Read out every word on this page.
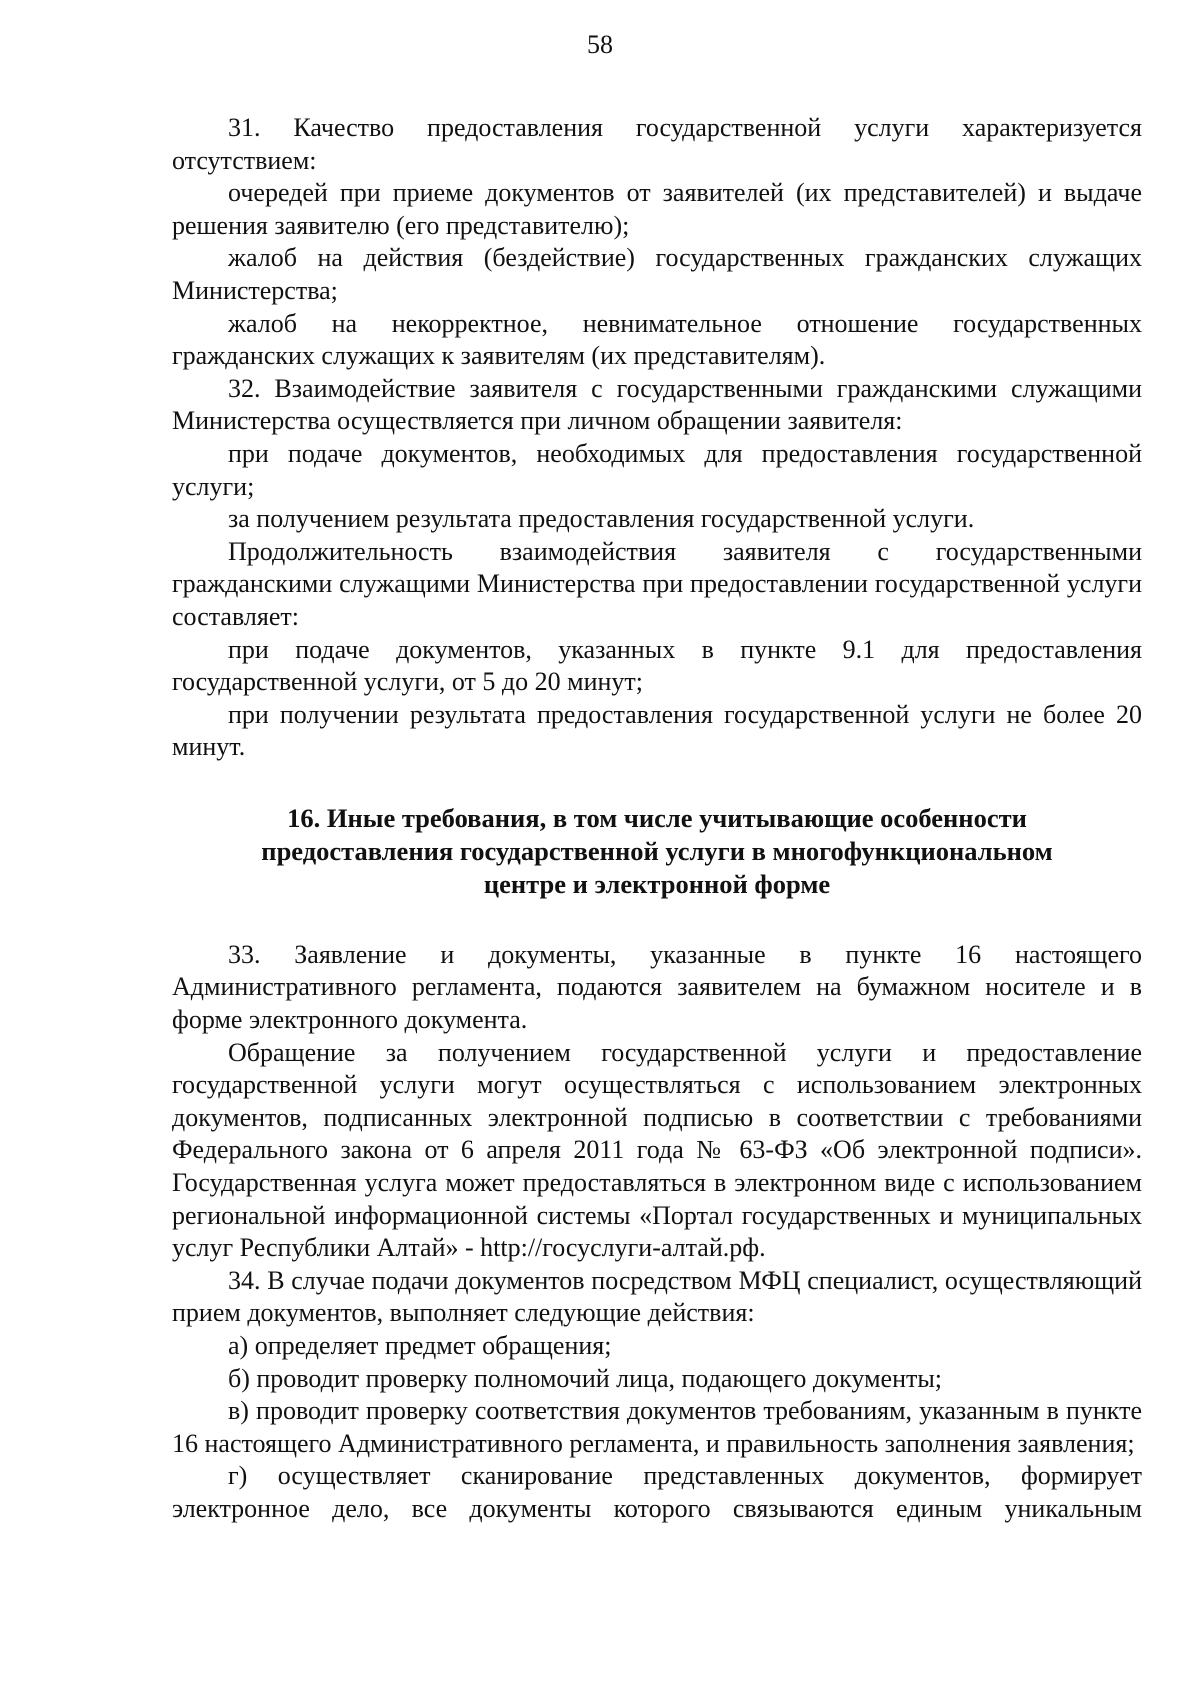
58

31. Качество предоставления государственной услуги характеризуется отсутствием:

очередей при приеме документов от заявителей (их представителей) и выдаче решения заявителю (его представителю);

жалоб на действия (бездействие) государственных гражданских служащих Министерства;

жалоб на некорректное, невнимательное отношение государственных гражданских служащих к заявителям (их представителям).

32. Взаимодействие заявителя с государственными гражданскими служащими Министерства осуществляется при личном обращении заявителя:

при подаче документов, необходимых для предоставления государственной услуги;

за получением результата предоставления государственной услуги.

Продолжительность взаимодействия заявителя с государственными гражданскими служащими Министерства при предоставлении государственной услуги составляет:

при подаче документов, указанных в пункте 9.1 для предоставления государственной услуги, от 5 до 20 минут;

при получении результата предоставления государственной услуги не более 20 минут.

16. Иные требования, в том числе учитывающие особенности
предоставления государственной услуги в многофункциональном
центре и электронной форме

33. Заявление и документы, указанные в пункте 16 настоящего Административного регламента, подаются заявителем на бумажном носителе и в форме электронного документа.

Обращение за получением государственной услуги и предоставление государственной услуги могут осуществляться с использованием электронных документов, подписанных электронной подписью в соответствии с требованиями Федерального закона от 6 апреля 2011 года № 63-ФЗ «Об электронной подписи». Государственная услуга может предоставляться в электронном виде с использованием региональной информационной системы «Портал государственных и муниципальных услуг Республики Алтай» - http://госуслуги-алтай.рф.

34. В случае подачи документов посредством МФЦ специалист, осуществляющий прием документов, выполняет следующие действия:

а) определяет предмет обращения;

б) проводит проверку полномочий лица, подающего документы;

в) проводит проверку соответствия документов требованиям, указанным в пункте 16 настоящего Административного регламента, и правильность заполнения заявления;

г) осуществляет сканирование представленных документов, формирует электронное дело, все документы которого связываются единым уникальным
